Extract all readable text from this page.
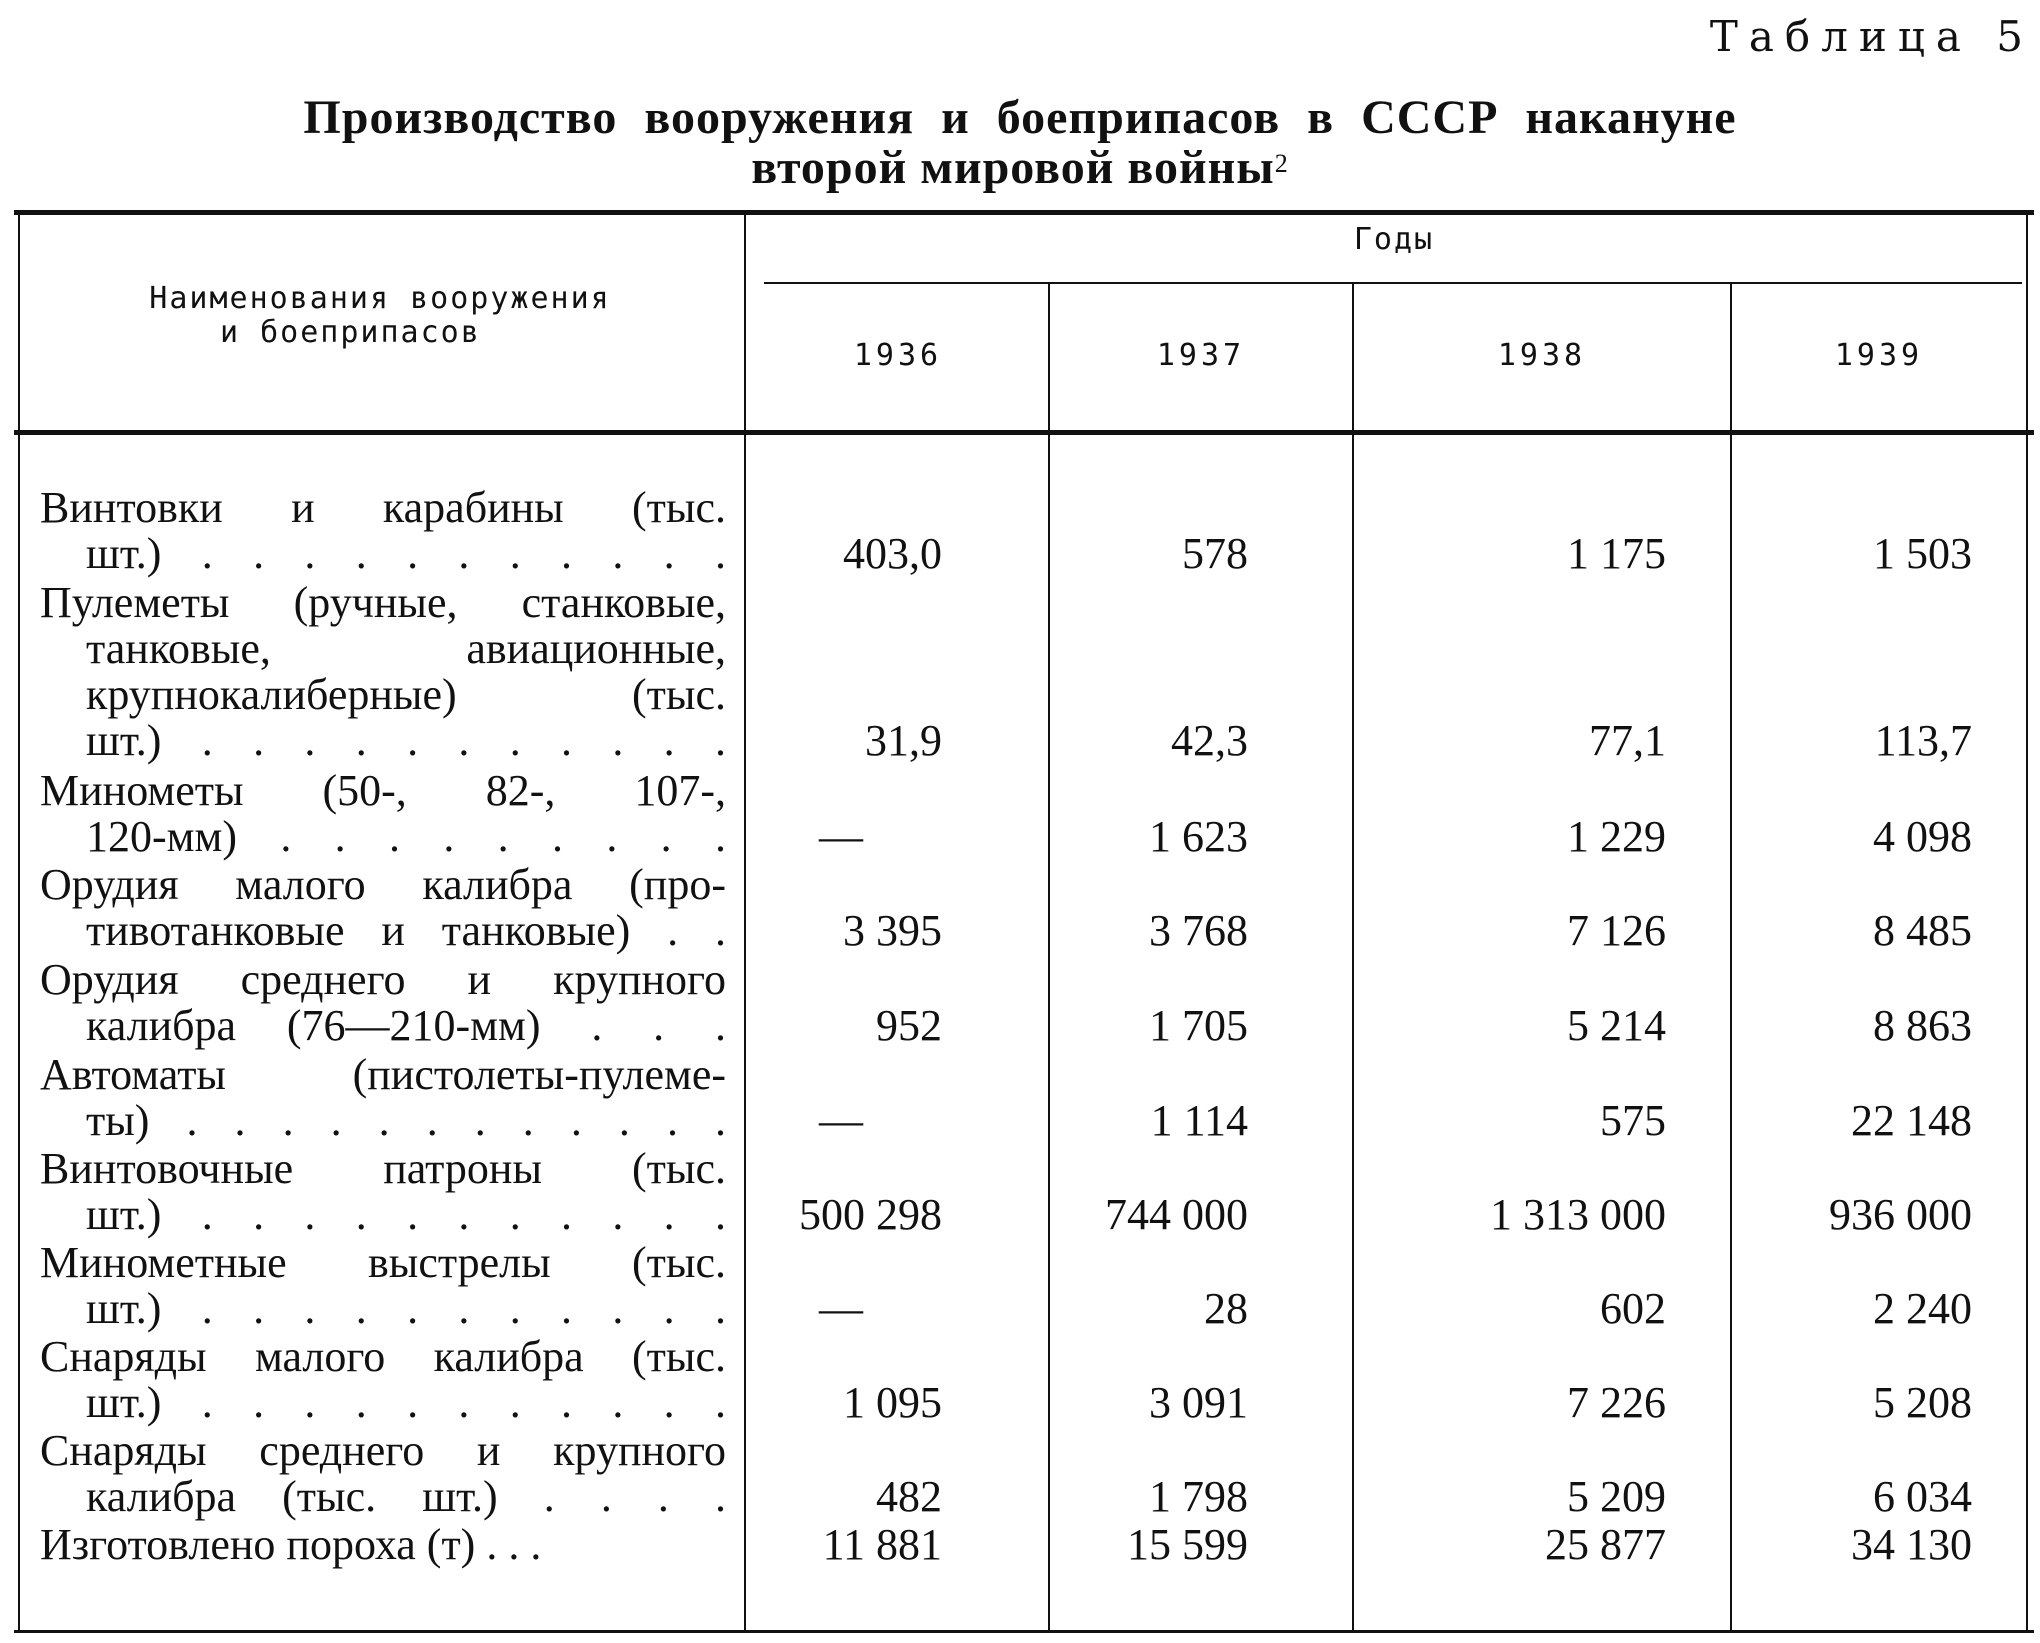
Таблица 5
Производство вооружения и боеприпасов в СССР накануне
второй мировой войны$^2$
Наименования вооружения
и боеприпасов
Годы
1936	1937	1938	1939
Винтовки и карабины (тыс.
шт.) . . . . . . . . . . .	403,0	578	1 175	1 503
Пулеметы (ручные, станковые,
танковые, авиационные,
крупнокалиберные) (тыс.
шт.) . . . . . . . . . . .	31,9	42,3	77,1	113,7
Минометы (50-, 82-, 107-,
120-мм) . . . . . . . . .	—	1 623	1 229	4 098
Орудия малого калибра (про-
тивотанковые и танковые) . .	3 395	3 768	7 126	8 485
Орудия среднего и крупного
калибра (76—210-мм) . . .	952	1 705	5 214	8 863
Автоматы (пистолеты-пулеме-
ты) . . . . . . . . . . . .	—	1 114	575	22 148
Винтовочные патроны (тыс.
шт.) . . . . . . . . . . .	500 298	744 000	1 313 000	936 000
Минометные выстрелы (тыс.
шт.) . . . . . . . . . . .	—	28	602	2 240
Снаряды малого калибра (тыс.
шт.) . . . . . . . . . . .	1 095	3 091	7 226	5 208
Снаряды среднего и крупного
калибра (тыс. шт.) . . . .	482	1 798	5 209	6 034
Изготовлено пороха (т) . . .	11 881	15 599	25 877	34 130
